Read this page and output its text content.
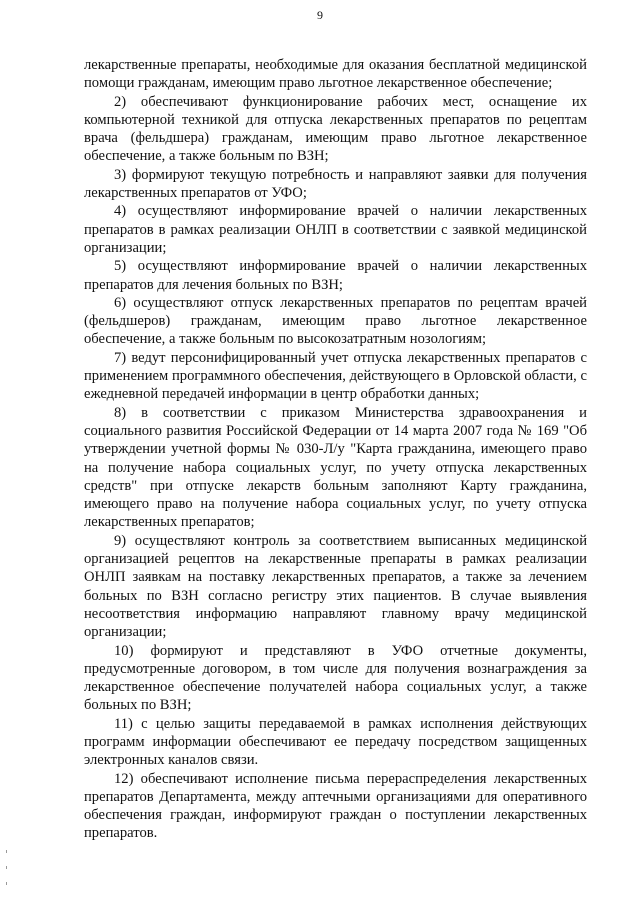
9

лекарственные препараты, необходимые для оказания бесплатной медицинской помощи гражданам, имеющим право льготное лекарственное обеспечение;

2) обеспечивают функционирование рабочих мест, оснащение их компьютерной техникой для отпуска лекарственных препаратов по рецептам врача (фельдшера) гражданам, имеющим право льготное лекарственное обеспечение, а также больным по ВЗН;

3) формируют текущую потребность и направляют заявки для получения лекарственных препаратов от УФО;

4) осуществляют информирование врачей о наличии лекарственных препаратов в рамках реализации ОНЛП в соответствии с заявкой медицинской организации;

5) осуществляют информирование врачей о наличии лекарственных препаратов для лечения больных по ВЗН;

6) осуществляют отпуск лекарственных препаратов по рецептам врачей (фельдшеров) гражданам, имеющим право льготное лекарственное обеспечение, а также больным по высокозатратным нозологиям;

7) ведут персонифицированный учет отпуска лекарственных препаратов с применением программного обеспечения, действующего в Орловской области, с ежедневной передачей информации в центр обработки данных;

8) в соответствии с приказом Министерства здравоохранения и социального развития Российской Федерации от 14 марта 2007 года № 169 "Об утверждении учетной формы № 030-Л/у "Карта гражданина, имеющего право на получение набора социальных услуг, по учету отпуска лекарственных средств" при отпуске лекарств больным заполняют Карту гражданина, имеющего право на получение набора социальных услуг, по учету отпуска лекарственных препаратов;

9) осуществляют контроль за соответствием выписанных медицинской организацией рецептов на лекарственные препараты в рамках реализации ОНЛП заявкам на поставку лекарственных препаратов, а также за лечением больных по ВЗН согласно регистру этих пациентов. В случае выявления несоответствия информацию направляют главному врачу медицинской организации;

10) формируют и представляют в УФО отчетные документы, предусмотренные договором, в том числе для получения вознаграждения за лекарственное обеспечение получателей набора социальных услуг, а также больных по ВЗН;

11) с целью защиты передаваемой в рамках исполнения действующих программ информации обеспечивают ее передачу посредством защищенных электронных каналов связи.

12) обеспечивают исполнение письма перераспределения лекарственных препаратов Департамента, между аптечными организациями для оперативного обеспечения граждан, информируют граждан о поступлении лекарственных препаратов.
